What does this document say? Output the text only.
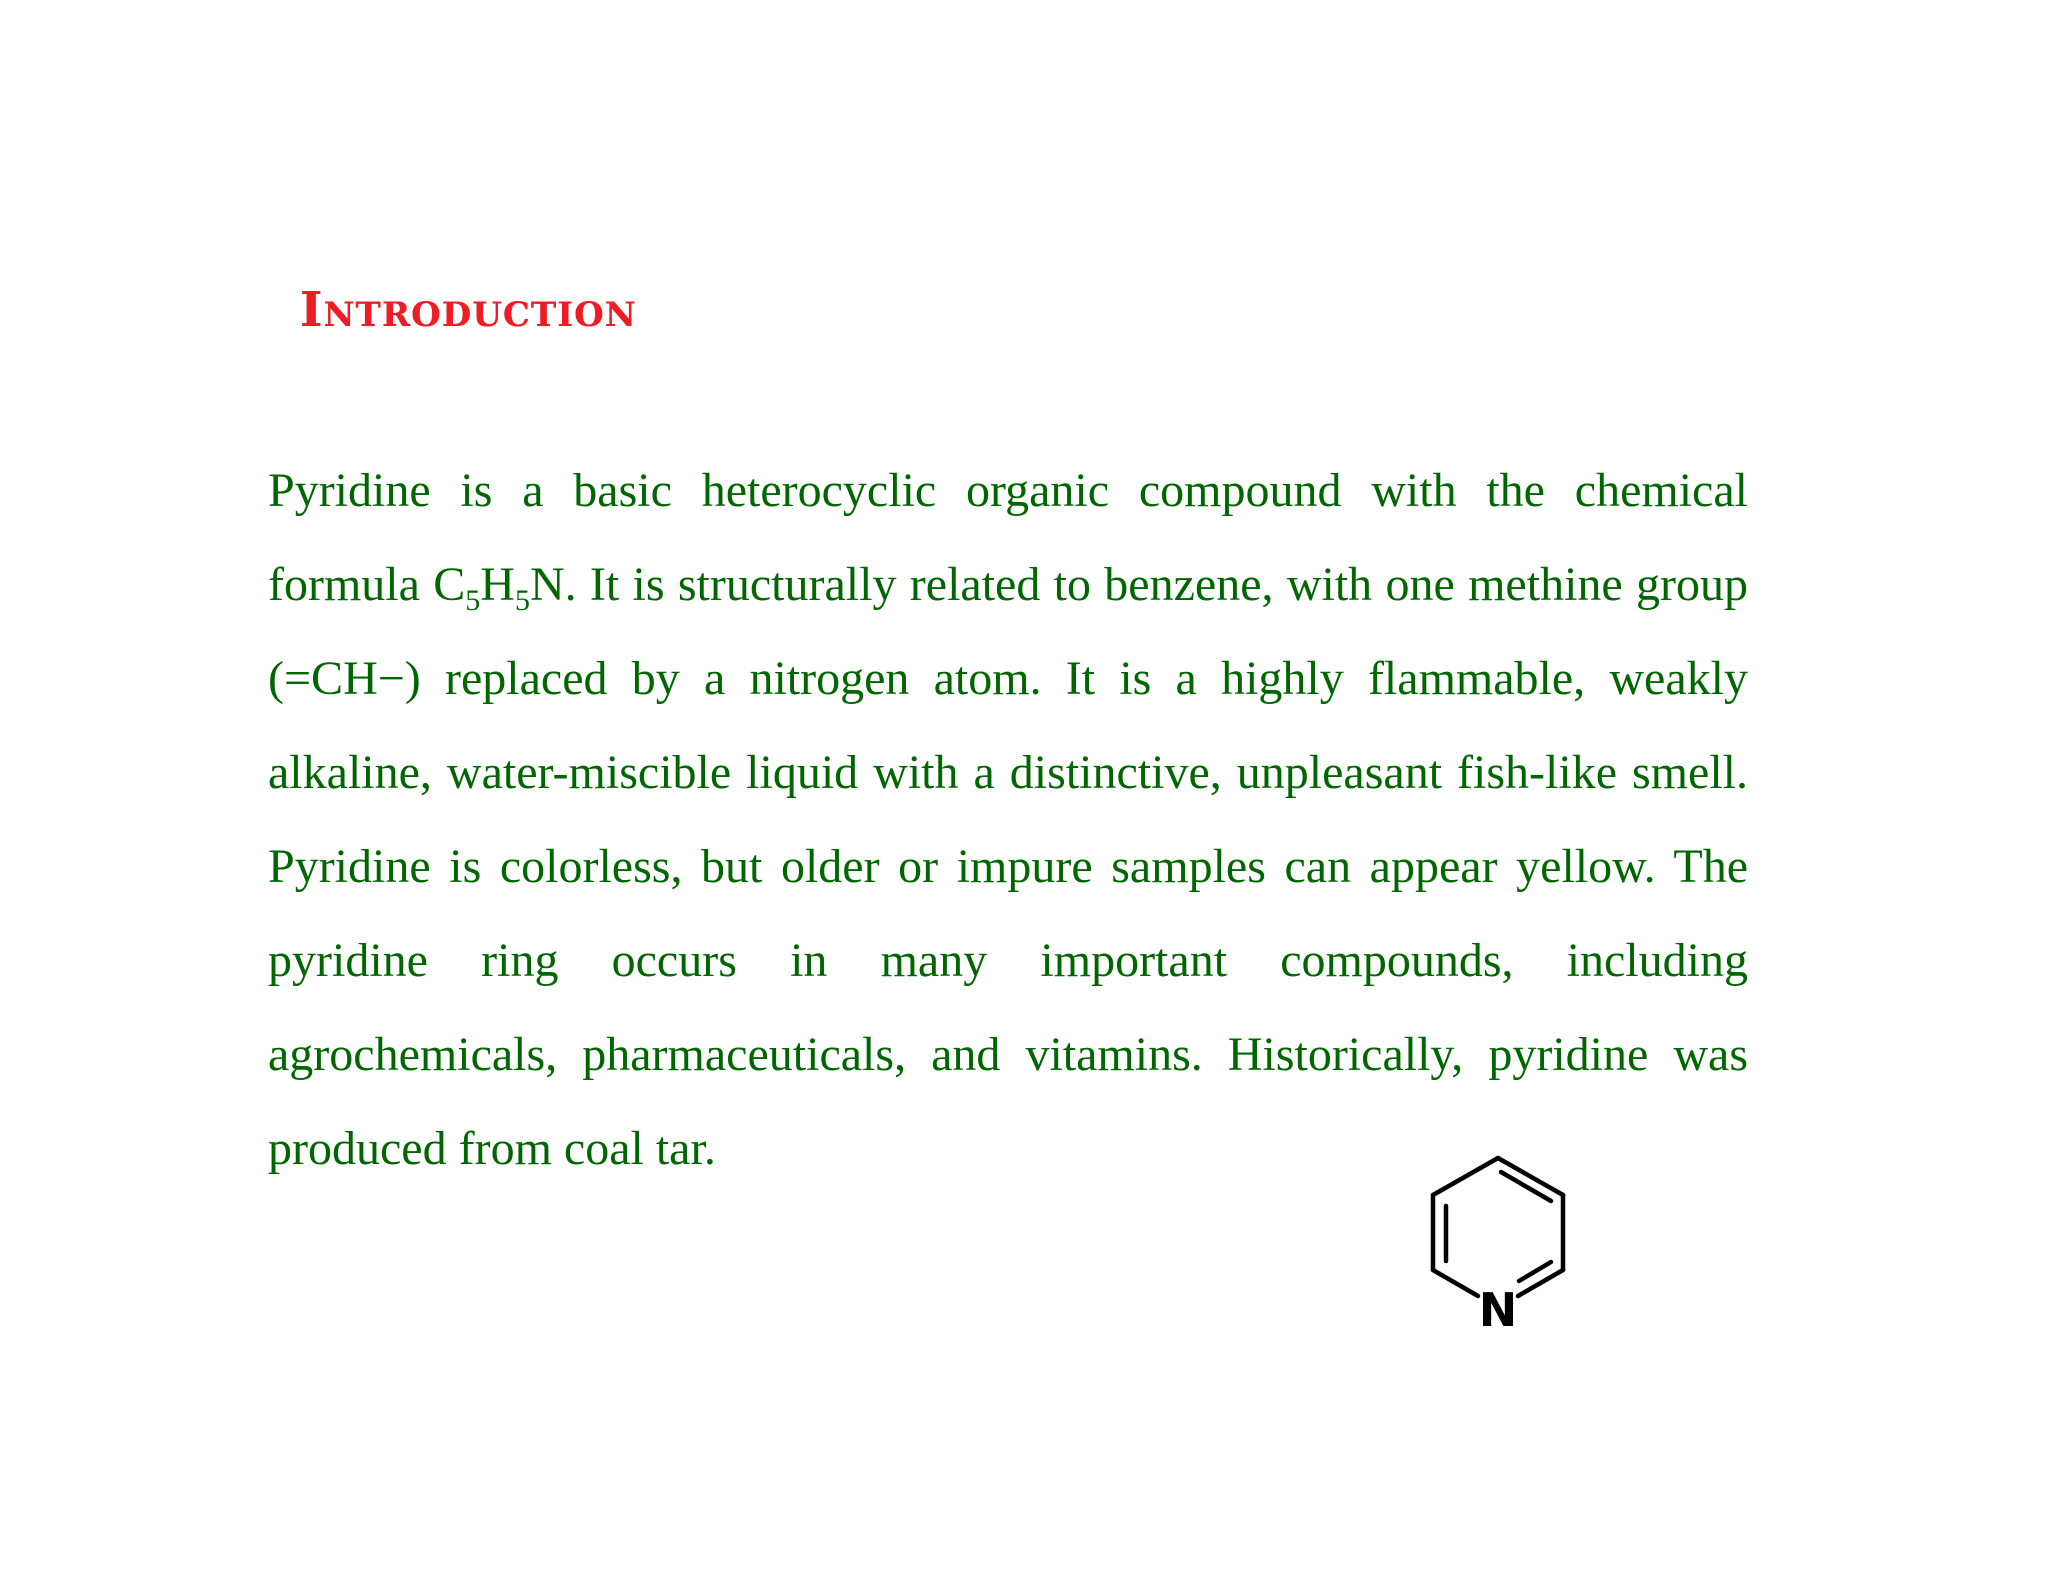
Introduction

Pyridine is a basic heterocyclic organic compound with the chemical formula $C_5H_5N$. It is structurally related to benzene, with one methine group (=CH−) replaced by a nitrogen atom. It is a highly flammable, weakly alkaline, water-miscible liquid with a distinctive, unpleasant fish-like smell. Pyridine is colorless, but older or impure samples can appear yellow. The pyridine ring occurs in many important compounds, including agrochemicals, pharmaceuticals, and vitamins. Historically, pyridine was produced from coal tar.

N
